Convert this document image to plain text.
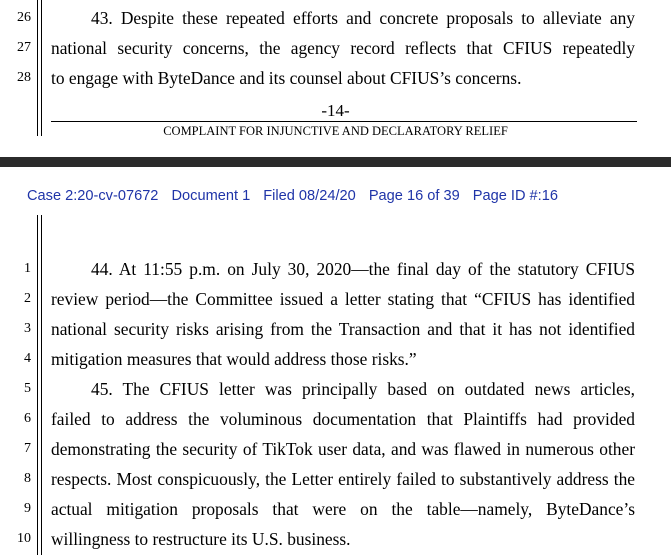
26	43. Despite these repeated efforts and concrete proposals to alleviate any
27 national security concerns, the agency record reflects that CFIUS repeatedly
28 to engage with ByteDance and its counsel about CFIUS’s concerns.
-14-
COMPLAINT FOR INJUNCTIVE AND DECLARATORY RELIEF
Case 2:20-cv-07672 Document 1 Filed 08/24/20 Page 16 of 39 Page ID #:16
1	44. At 11:55 p.m. on July 30, 2020—the final day of the statutory CFIUS
2 review period—the Committee issued a letter stating that “CFIUS has identified
3 national security risks arising from the Transaction and that it has not identified
4 mitigation measures that would address those risks.”
5	45. The CFIUS letter was principally based on outdated news articles,
6 failed to address the voluminous documentation that Plaintiffs had provided
7 demonstrating the security of TikTok user data, and was flawed in numerous other
8 respects. Most conspicuously, the Letter entirely failed to substantively address the
9 actual mitigation proposals that were on the table—namely, ByteDance’s
10 willingness to restructure its U.S. business.
